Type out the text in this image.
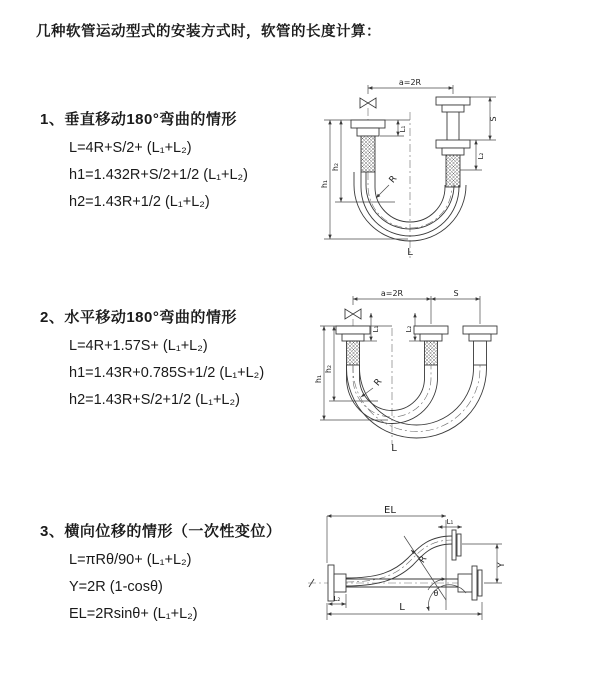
几种软管运动型式的安装方式时，软管的长度计算：
1、垂直移动180°弯曲的情形
L=4R+S/2+ (L₁+L₂)
h1=1.432R+S/2+1/2 (L₁+L₂)
h2=1.43R+1/2 (L₁+L₂)
a=2R
h₁
h₂
L₁
S
L₂
R
L
2、水平移动180°弯曲的情形
L=4R+1.57S+ (L₁+L₂)
h1=1.43R+0.785S+1/2 (L₁+L₂)
h2=1.43R+S/2+1/2 (L₁+L₂)
a=2R	S
h₁
h₂
L₁	L₂
R
L
3、横向位移的情形（一次性变位）
L=πRθ/90+ (L₁+L₂)
Y=2R (1-cosθ)
EL=2Rsinθ+ (L₁+L₂)
EL
L₁
Y
L
L₂
R
θ
